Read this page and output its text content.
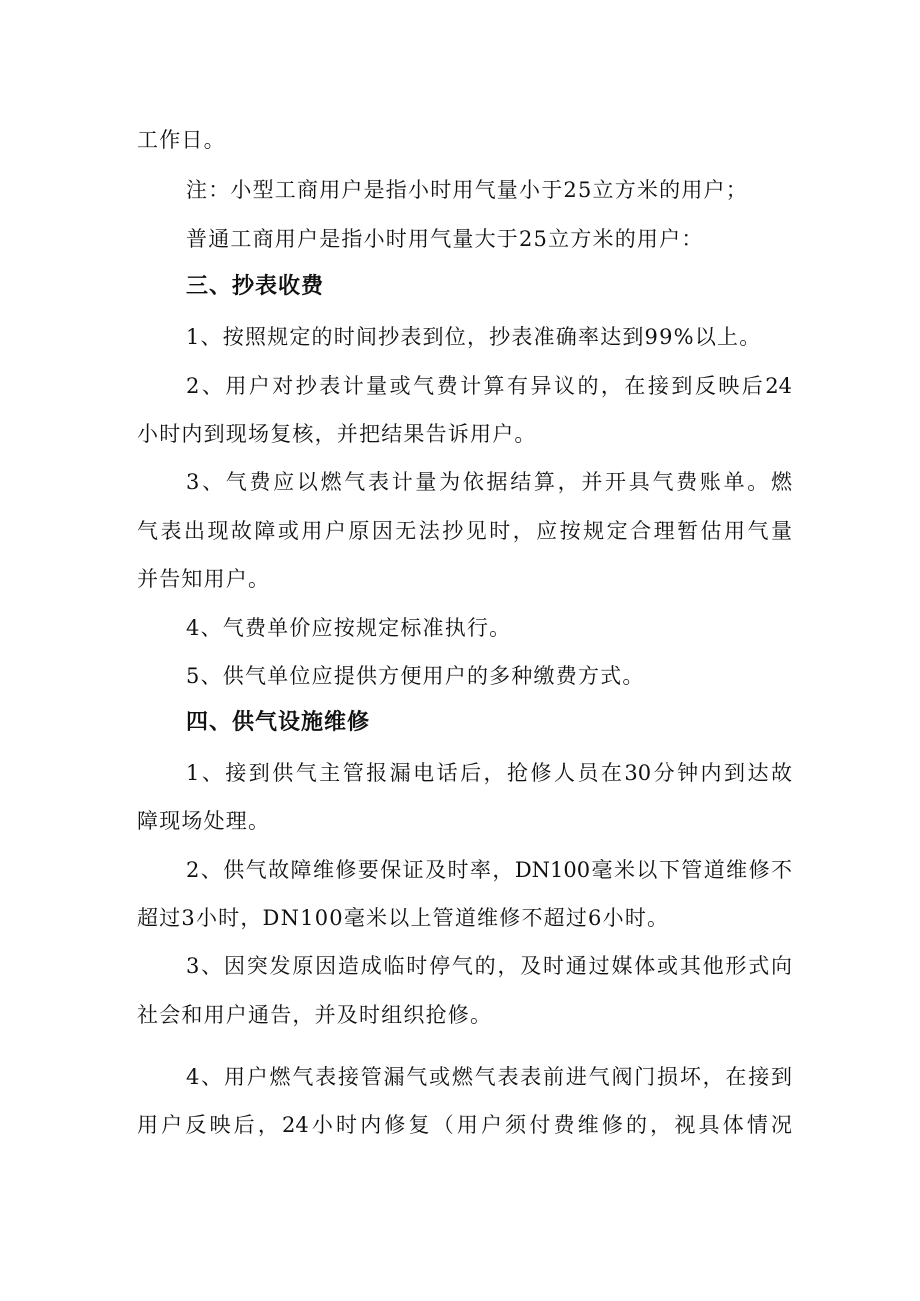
工作日。
注：小型工商用户是指小时用气量小于25立方米的用户；
普通工商用户是指小时用气量大于25立方米的用户：
三、抄表收费
1、按照规定的时间抄表到位，抄表准确率达到99%以上。
2、用户对抄表计量或气费计算有异议的，在接到反映后24
小时内到现场复核，并把结果告诉用户。
3、气费应以燃气表计量为依据结算，并开具气费账单。燃
气表出现故障或用户原因无法抄见时，应按规定合理暂估用气量
并告知用户。
4、气费单价应按规定标准执行。
5、供气单位应提供方便用户的多种缴费方式。
四、供气设施维修
1、接到供气主管报漏电话后，抢修人员在30分钟内到达故
障现场处理。
2、供气故障维修要保证及时率，DN100毫米以下管道维修不
超过3小时，DN100毫米以上管道维修不超过6小时。
3、因突发原因造成临时停气的，及时通过媒体或其他形式向
社会和用户通告，并及时组织抢修。
4、用户燃气表接管漏气或燃气表表前进气阀门损坏，在接到
用户反映后，24小时内修复（用户须付费维修的，视具体情况
